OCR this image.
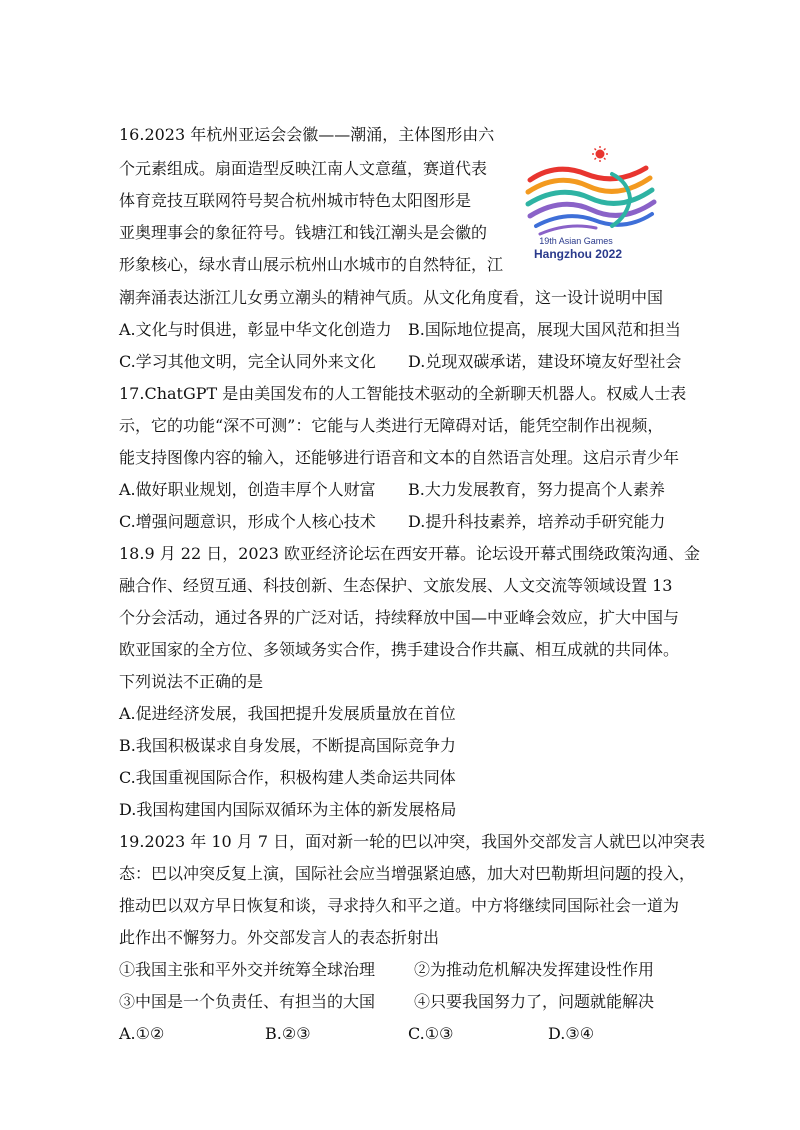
16.2023 年杭州亚运会会徽——潮涌，主体图形由六
个元素组成。扇面造型反映江南人文意蕴，赛道代表
体育竞技互联网符号契合杭州城市特色太阳图形是
亚奥理事会的象征符号。钱塘江和钱江潮头是会徽的
形象核心，绿水青山展示杭州山水城市的自然特征，江
潮奔涌表达浙江儿女勇立潮头的精神气质。从文化角度看，这一设计说明中国
A.文化与时俱进，彰显中华文化创造力 B.国际地位提高，展现大国风范和担当
C.学习其他文明，完全认同外来文化 D.兑现双碳承诺，建设环境友好型社会
19th Asian Games
Hangzhou 2022
17.ChatGPT 是由美国发布的人工智能技术驱动的全新聊天机器人。权威人士表
示，它的功能“深不可测”：它能与人类进行无障碍对话，能凭空制作出视频，
能支持图像内容的输入，还能够进行语音和文本的自然语言处理。这启示青少年
A.做好职业规划，创造丰厚个人财富 B.大力发展教育，努力提高个人素养
C.增强问题意识，形成个人核心技术 D.提升科技素养，培养动手研究能力
18.9 月 22 日，2023 欧亚经济论坛在西安开幕。论坛设开幕式围绕政策沟通、金
融合作、经贸互通、科技创新、生态保护、文旅发展、人文交流等领域设置 13
个分会活动，通过各界的广泛对话，持续释放中国—中亚峰会效应，扩大中国与
欧亚国家的全方位、多领域务实合作，携手建设合作共赢、相互成就的共同体。
下列说法不正确的是
A.促进经济发展，我国把提升发展质量放在首位
B.我国积极谋求自身发展，不断提高国际竞争力
C.我国重视国际合作，积极构建人类命运共同体
D.我国构建国内国际双循环为主体的新发展格局
19.2023 年 10 月 7 日，面对新一轮的巴以冲突，我国外交部发言人就巴以冲突表
态：巴以冲突反复上演，国际社会应当增强紧迫感，加大对巴勒斯坦问题的投入，
推动巴以双方早日恢复和谈，寻求持久和平之道。中方将继续同国际社会一道为
此作出不懈努力。外交部发言人的表态折射出
①我国主张和平外交并统筹全球治理 ②为推动危机解决发挥建设性作用
③中国是一个负责任、有担当的大国 ④只要我国努力了，问题就能解决
A.①②	B.②③	C.①③	D.③④
